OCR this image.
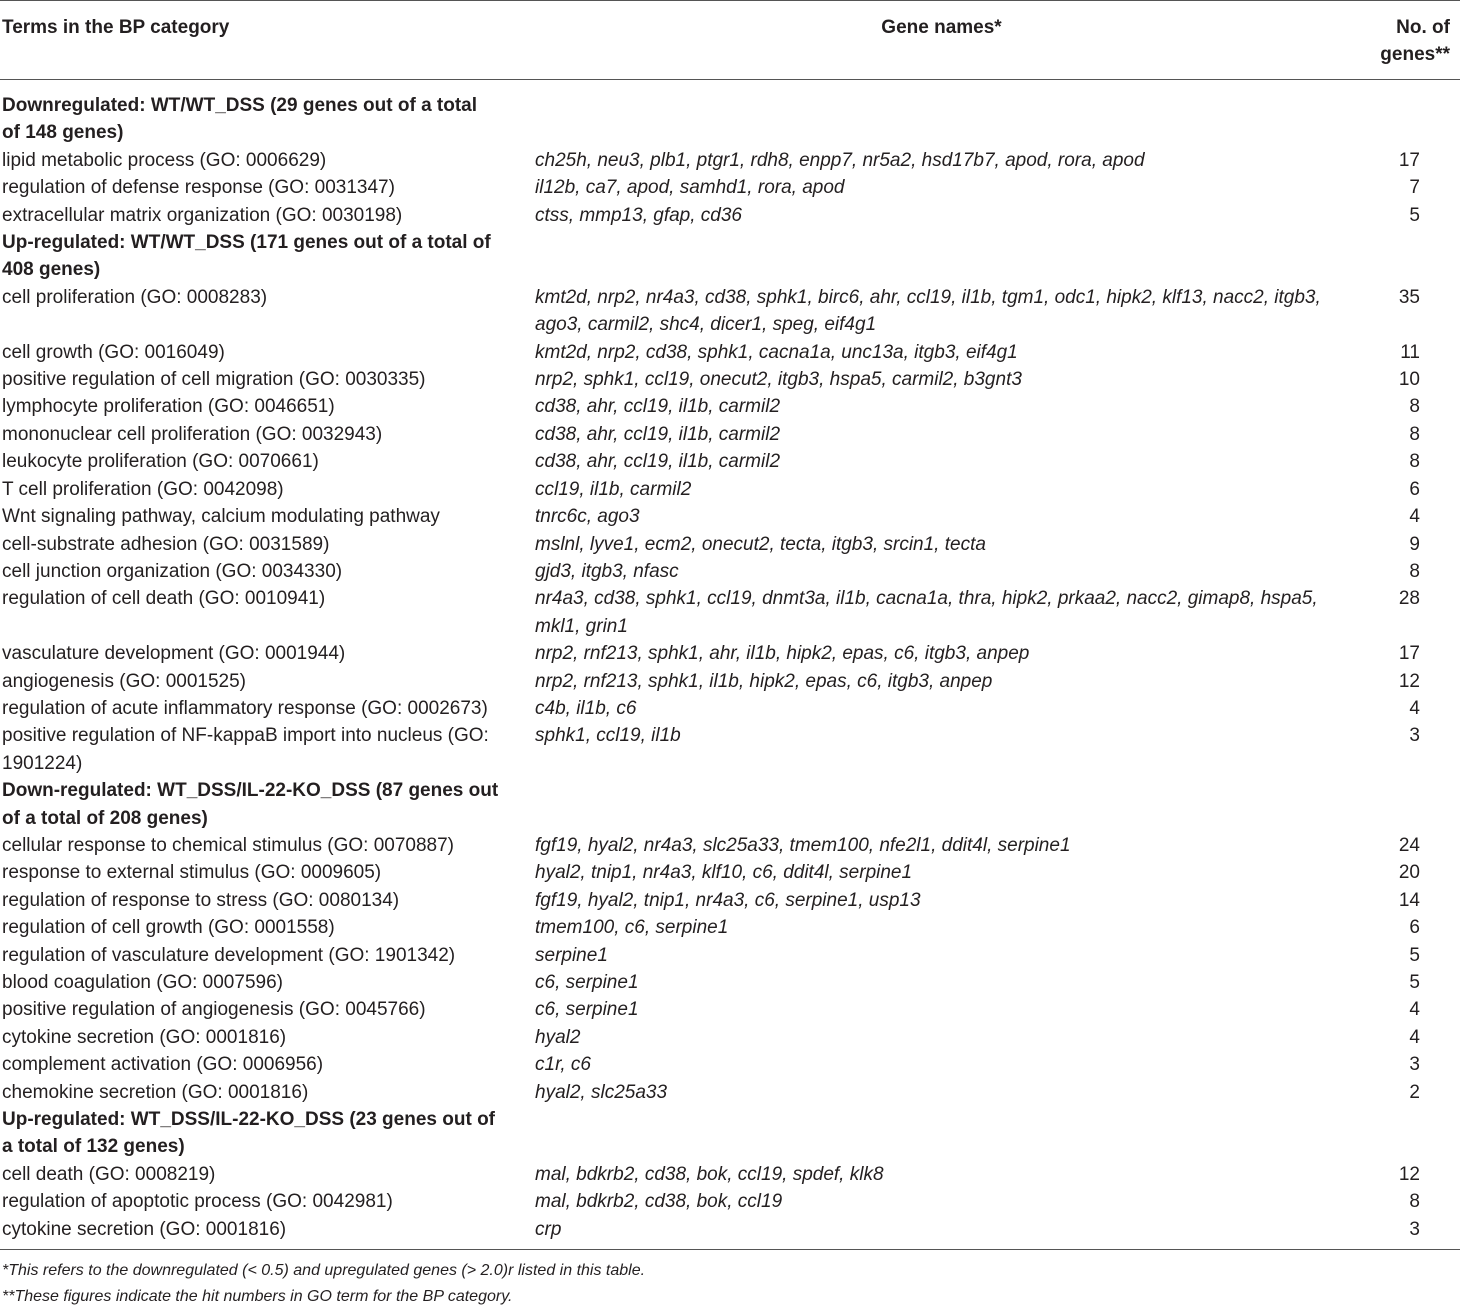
Terms in the BP category	Gene names*	No. of genes**
Downregulated: WT/WT_DSS (29 genes out of a total of 148 genes)		
lipid metabolic process (GO: 0006629)	ch25h, neu3, plb1, ptgr1, rdh8, enpp7, nr5a2, hsd17b7, apod, rora, apod	17
regulation of defense response (GO: 0031347)	il12b, ca7, apod, samhd1, rora, apod	7
extracellular matrix organization (GO: 0030198)	ctss, mmp13, gfap, cd36	5
Up-regulated: WT/WT_DSS (171 genes out of a total of 408 genes)		
cell proliferation (GO: 0008283)	kmt2d, nrp2, nr4a3, cd38, sphk1, birc6, ahr, ccl19, il1b, tgm1, odc1, hipk2, klf13, nacc2, itgb3, ago3, carmil2, shc4, dicer1, speg, eif4g1	35
cell growth (GO: 0016049)	kmt2d, nrp2, cd38, sphk1, cacna1a, unc13a, itgb3, eif4g1	11
positive regulation of cell migration (GO: 0030335)	nrp2, sphk1, ccl19, onecut2, itgb3, hspa5, carmil2, b3gnt3	10
lymphocyte proliferation (GO: 0046651)	cd38, ahr, ccl19, il1b, carmil2	8
mononuclear cell proliferation (GO: 0032943)	cd38, ahr, ccl19, il1b, carmil2	8
leukocyte proliferation (GO: 0070661)	cd38, ahr, ccl19, il1b, carmil2	8
T cell proliferation (GO: 0042098)	ccl19, il1b, carmil2	6
Wnt signaling pathway, calcium modulating pathway	tnrc6c, ago3	4
cell-substrate adhesion (GO: 0031589)	mslnl, lyve1, ecm2, onecut2, tecta, itgb3, srcin1, tecta	9
cell junction organization (GO: 0034330)	gjd3, itgb3, nfasc	8
regulation of cell death (GO: 0010941)	nr4a3, cd38, sphk1, ccl19, dnmt3a, il1b, cacna1a, thra, hipk2, prkaa2, nacc2, gimap8, hspa5, mkl1, grin1	28
vasculature development (GO: 0001944)	nrp2, rnf213, sphk1, ahr, il1b, hipk2, epas, c6, itgb3, anpep	17
angiogenesis (GO: 0001525)	nrp2, rnf213, sphk1, il1b, hipk2, epas, c6, itgb3, anpep	12
regulation of acute inflammatory response (GO: 0002673)	c4b, il1b, c6	4
positive regulation of NF-kappaB import into nucleus (GO: 1901224)	sphk1, ccl19, il1b	3
Down-regulated: WT_DSS/IL-22-KO_DSS (87 genes out of a total of 208 genes)		
cellular response to chemical stimulus (GO: 0070887)	fgf19, hyal2, nr4a3, slc25a33, tmem100, nfe2l1, ddit4l, serpine1	24
response to external stimulus (GO: 0009605)	hyal2, tnip1, nr4a3, klf10, c6, ddit4l, serpine1	20
regulation of response to stress (GO: 0080134)	fgf19, hyal2, tnip1, nr4a3, c6, serpine1, usp13	14
regulation of cell growth (GO: 0001558)	tmem100, c6, serpine1	6
regulation of vasculature development (GO: 1901342)	serpine1	5
blood coagulation (GO: 0007596)	c6, serpine1	5
positive regulation of angiogenesis (GO: 0045766)	c6, serpine1	4
cytokine secretion (GO: 0001816)	hyal2	4
complement activation (GO: 0006956)	c1r, c6	3
chemokine secretion (GO: 0001816)	hyal2, slc25a33	2
Up-regulated: WT_DSS/IL-22-KO_DSS (23 genes out of a total of 132 genes)		
cell death (GO: 0008219)	mal, bdkrb2, cd38, bok, ccl19, spdef, klk8	12
regulation of apoptotic process (GO: 0042981)	mal, bdkrb2, cd38, bok, ccl19	8
cytokine secretion (GO: 0001816)	crp	3
*This refers to the downregulated (< 0.5) and upregulated genes (> 2.0)r listed in this table.
**These figures indicate the hit numbers in GO term for the BP category.
